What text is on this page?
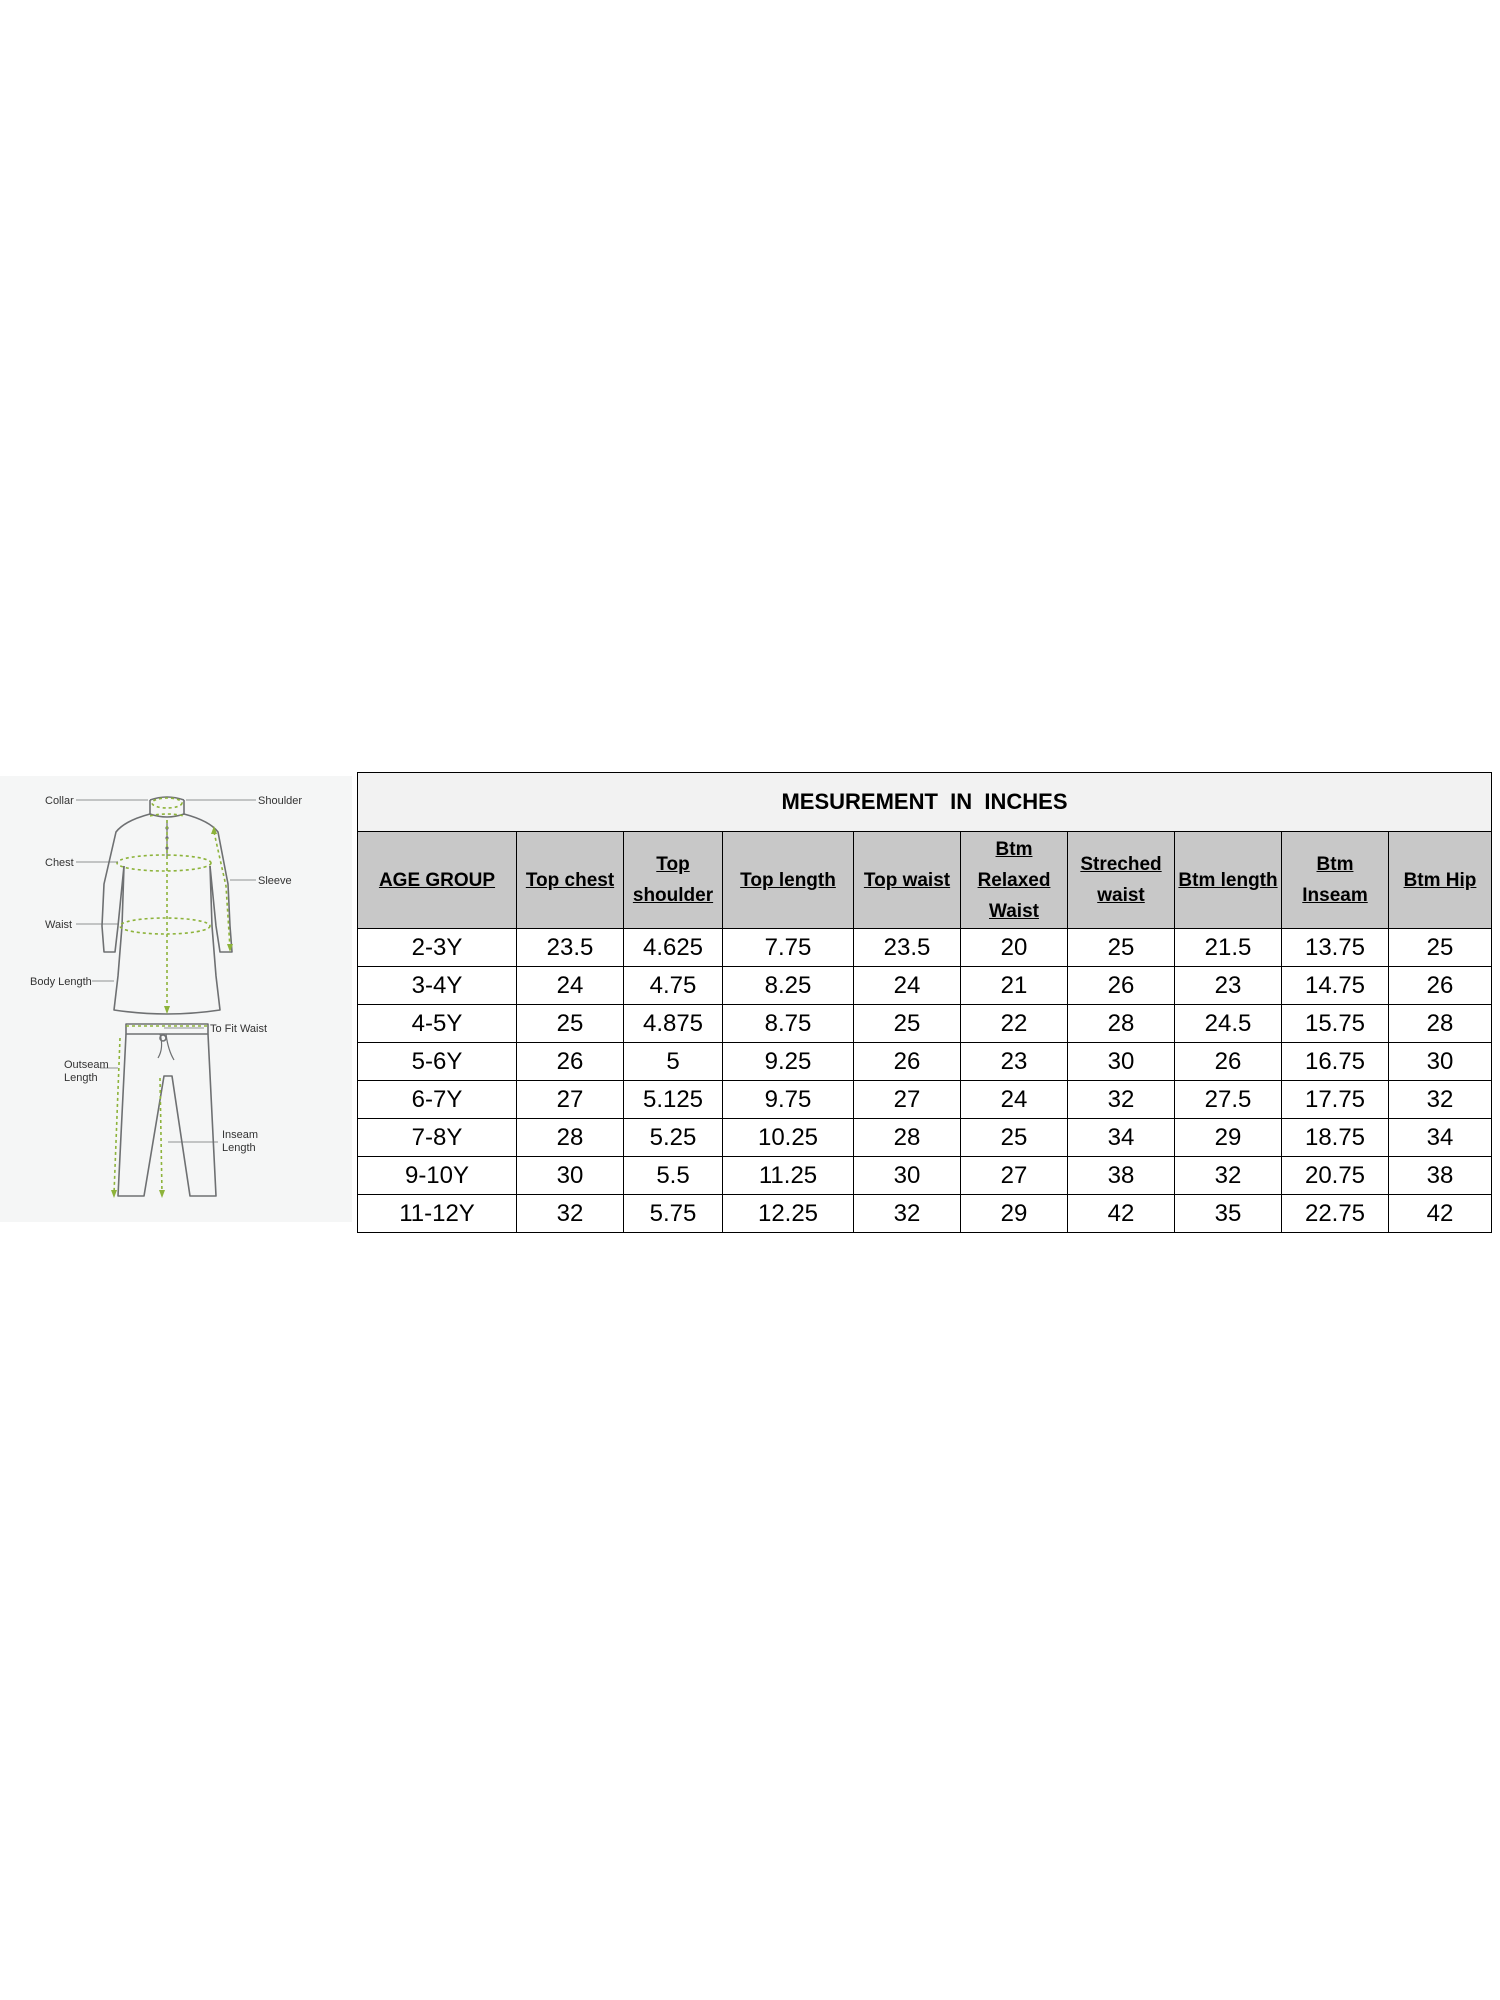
Collar	Shoulder
Chest
Sleeve
Waist
Body Length
To Fit Waist
Outseam
Length
Inseam
Length
MESUREMENT  IN  INCHES									
AGE GROUP	Top chest	Top shoulder	Top length	Top waist	Btm Relaxed Waist	Streched waist	Btm length	Btm Inseam	Btm Hip
2-3Y	23.5	4.625	7.75	23.5	20	25	21.5	13.75	25
3-4Y	24	4.75	8.25	24	21	26	23	14.75	26
4-5Y	25	4.875	8.75	25	22	28	24.5	15.75	28
5-6Y	26	5	9.25	26	23	30	26	16.75	30
6-7Y	27	5.125	9.75	27	24	32	27.5	17.75	32
7-8Y	28	5.25	10.25	28	25	34	29	18.75	34
9-10Y	30	5.5	11.25	30	27	38	32	20.75	38
11-12Y	32	5.75	12.25	32	29	42	35	22.75	42
